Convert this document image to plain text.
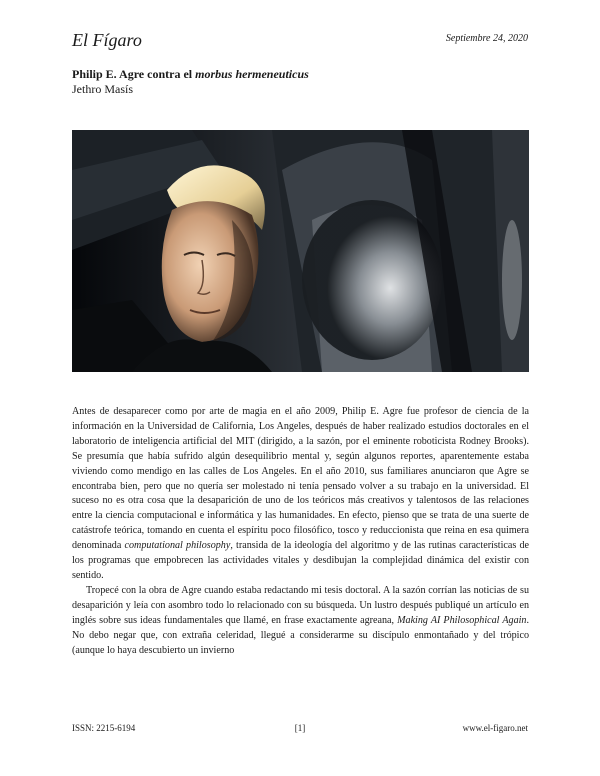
El Fígaro	Septiembre 24, 2020
Philip E. Agre contra el morbus hermeneuticus
Jethro Masís

Antes de desaparecer como por arte de magia en el año 2009, Philip E. Agre fue profesor de ciencia de la información en la Universidad de California, Los Angeles, después de haber realizado estudios doctorales en el laboratorio de inteligencia artificial del MIT (dirigido, a la sazón, por el eminente roboticista Rodney Brooks). Se presumía que había sufrido algún desequilibrio mental y, según algunos reportes, aparentemente estaba viviendo como mendigo en las calles de Los Angeles. En el año 2010, sus familiares anunciaron que Agre se encontraba bien, pero que no quería ser molestado ni tenía pensado volver a su trabajo en la universidad. El suceso no es otra cosa que la desaparición de uno de los teóricos más creativos y talentosos de las relaciones entre la ciencia computacional e informática y las humanidades. En efecto, pienso que se trata de una suerte de catástrofe teórica, tomando en cuenta el espíritu poco filosófico, tosco y reduccionista que reina en esa quimera denominada computational philosophy, transida de la ideología del algoritmo y de las rutinas características de los programas que empobrecen las actividades vitales y desdibujan la complejidad dinámica del existir con sentido.

Tropecé con la obra de Agre cuando estaba redactando mi tesis doctoral. A la sazón corrían las noticias de su desaparición y leía con asombro todo lo relacionado con su búsqueda. Un lustro después publiqué un artículo en inglés sobre sus ideas fundamentales que llamé, en frase exactamente agreana, Making AI Philosophical Again. No debo negar que, con extraña celeridad, llegué a considerarme su discípulo enmontañado y del trópico (aunque lo haya descubierto un invierno

ISSN: 2215-6194	[1]	www.el-figaro.net
